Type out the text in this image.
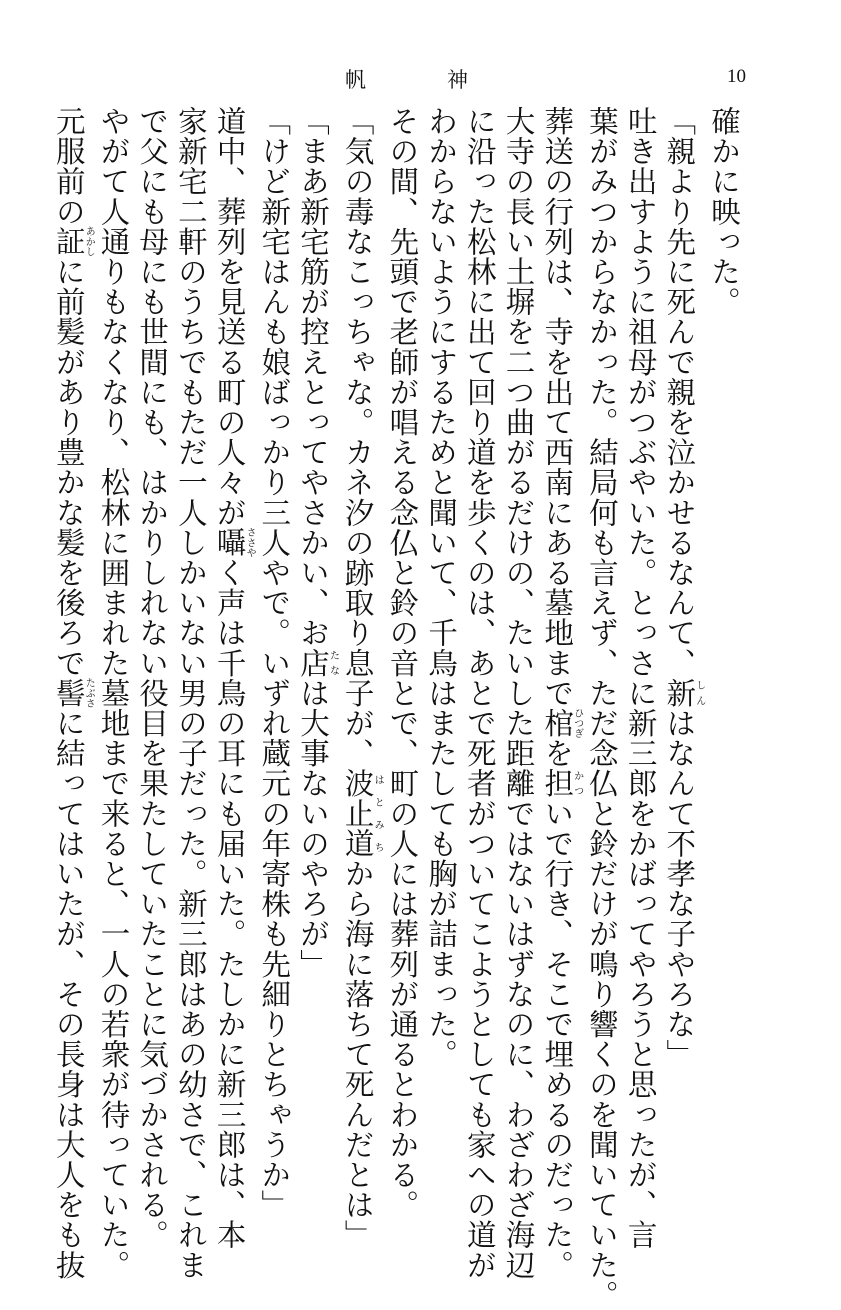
帆　神	10

確かに映った。

「親より先に死んで親を泣かせるなんて、新しんはなんて不孝な子やろな」

吐き出すように祖母がつぶやいた。とっさに新三郎をかばってやろうと思ったが、言

葉がみつからなかった。結局何も言えず、ただ念仏と鈴だけが鳴り響くのを聞いていた。

葬送の行列は、寺を出て西南にある墓地まで棺ひつぎを担かついで行き、そこで埋めるのだった。

大寺の長い土塀を二つ曲がるだけの、たいした距離ではないはずなのに、わざわざ海辺

に沿った松林に出て回り道を歩くのは、あとで死者がついてこようとしても家への道が

わからないようにするためと聞いて、千鳥はまたしても胸が詰まった。

その間、先頭で老師が唱える念仏と鈴の音とで、町の人には葬列が通るとわかる。

「気の毒なこっちゃな。カネ汐の跡取り息子が、波止道はとみちから海に落ちて死んだとは」

「まあ新宅筋が控えとってやさかい、お店たなは大事ないのやろが」

「けど新宅はんも娘ばっかり三人やで。いずれ蔵元の年寄株も先細りとちゃうか」

道中、葬列を見送る町の人々が囁ささやく声は千鳥の耳にも届いた。たしかに新三郎は、本

家新宅二軒のうちでもただ一人しかいない男の子だった。新三郎はあの幼さで、これま

で父にも母にも世間にも、はかりしれない役目を果たしていたことに気づかされる。

やがて人通りもなくなり、松林に囲まれた墓地まで来ると、一人の若衆が待っていた。

元服前の証あかしに前髪があり豊かな髪を後ろで髻たぶさに結ってはいたが、その長身は大人をも抜
